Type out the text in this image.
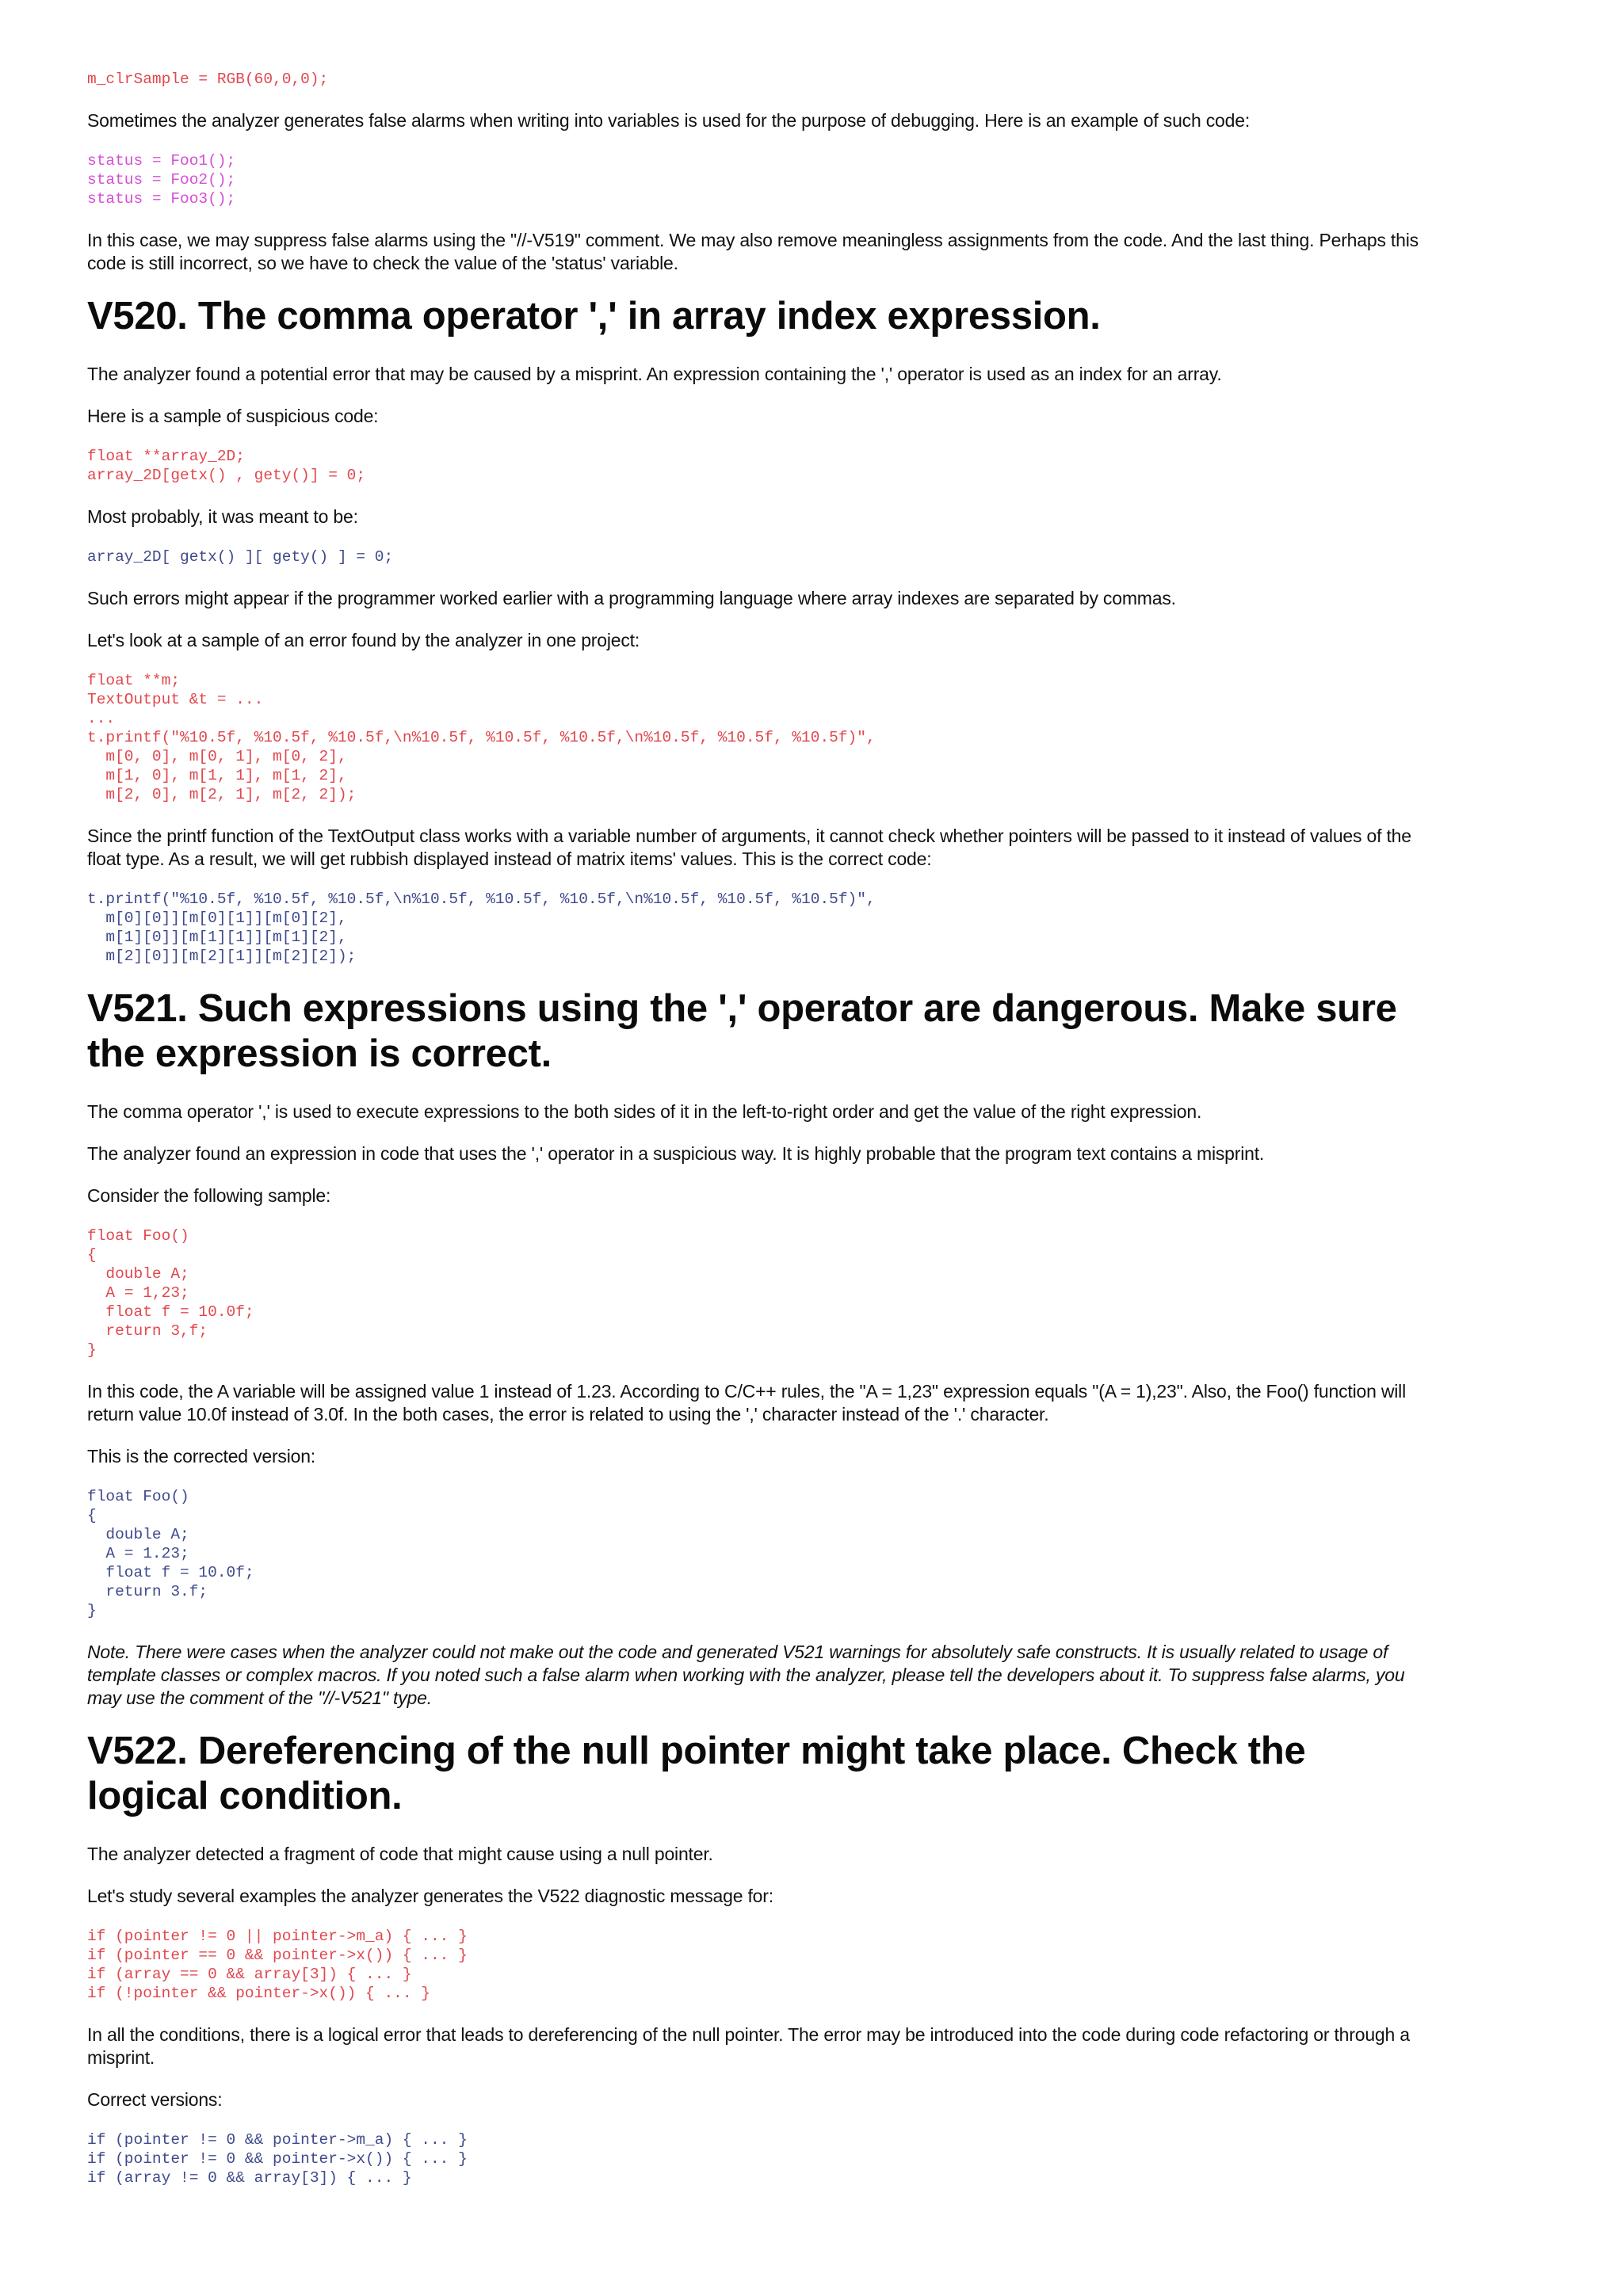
m_clrSample = RGB(60,0,0);

Sometimes the analyzer generates false alarms when writing into variables is used for the purpose of debugging. Here is an example of such code:

status = Foo1();
status = Foo2();
status = Foo3();

In this case, we may suppress false alarms using the "//-V519" comment. We may also remove meaningless assignments from the code. And the last thing. Perhaps this code is still incorrect, so we have to check the value of the 'status' variable.

V520. The comma operator ',' in array index expression.

The analyzer found a potential error that may be caused by a misprint. An expression containing the ',' operator is used as an index for an array.

Here is a sample of suspicious code:

float **array_2D;
array_2D[getx() , gety()] = 0;

Most probably, it was meant to be:

array_2D[ getx() ][ gety() ] = 0;

Such errors might appear if the programmer worked earlier with a programming language where array indexes are separated by commas.

Let's look at a sample of an error found by the analyzer in one project:

float **m;
TextOutput &t = ...
...
t.printf("%10.5f, %10.5f, %10.5f,\n%10.5f, %10.5f, %10.5f,\n%10.5f, %10.5f, %10.5f)",
m[0, 0], m[0, 1], m[0, 2],
m[1, 0], m[1, 1], m[1, 2],
m[2, 0], m[2, 1], m[2, 2]);

Since the printf function of the TextOutput class works with a variable number of arguments, it cannot check whether pointers will be passed to it instead of values of the float type. As a result, we will get rubbish displayed instead of matrix items' values. This is the correct code:

t.printf("%10.5f, %10.5f, %10.5f,\n%10.5f, %10.5f, %10.5f,\n%10.5f, %10.5f, %10.5f)",
m[0][0]][m[0][1]][m[0][2],
m[1][0]][m[1][1]][m[1][2],
m[2][0]][m[2][1]][m[2][2]);
V521. Such expressions using the ',' operator are dangerous. Make sure the expression is correct.

The comma operator ',' is used to execute expressions to the both sides of it in the left-to-right order and get the value of the right expression.

The analyzer found an expression in code that uses the ',' operator in a suspicious way. It is highly probable that the program text contains a misprint.

Consider the following sample:

float Foo()
{
double A;
A = 1,23;
float f = 10.0f;
return 3,f;
}

In this code, the A variable will be assigned value 1 instead of 1.23. According to C/C++ rules, the "A = 1,23" expression equals "(A = 1),23". Also, the Foo() function will return value 10.0f instead of 3.0f. In the both cases, the error is related to using the ',' character instead of the '.' character.

This is the corrected version:

float Foo()
{
double A;
A = 1.23;
float f = 10.0f;
return 3.f;
}

Note. There were cases when the analyzer could not make out the code and generated V521 warnings for absolutely safe constructs. It is usually related to usage of template classes or complex macros. If you noted such a false alarm when working with the analyzer, please tell the developers about it. To suppress false alarms, you may use the comment of the "//-V521" type.

V522. Dereferencing of the null pointer might take place. Check the logical condition.

The analyzer detected a fragment of code that might cause using a null pointer.

Let's study several examples the analyzer generates the V522 diagnostic message for:

if (pointer != 0 || pointer->m_a) { ... }
if (pointer == 0 && pointer->x()) { ... }
if (array == 0 && array[3]) { ... }
if (!pointer && pointer->x()) { ... }

In all the conditions, there is a logical error that leads to dereferencing of the null pointer. The error may be introduced into the code during code refactoring or through a misprint.

Correct versions:

if (pointer != 0 && pointer->m_a) { ... }
if (pointer != 0 && pointer->x()) { ... }
if (array != 0 && array[3]) { ... }
